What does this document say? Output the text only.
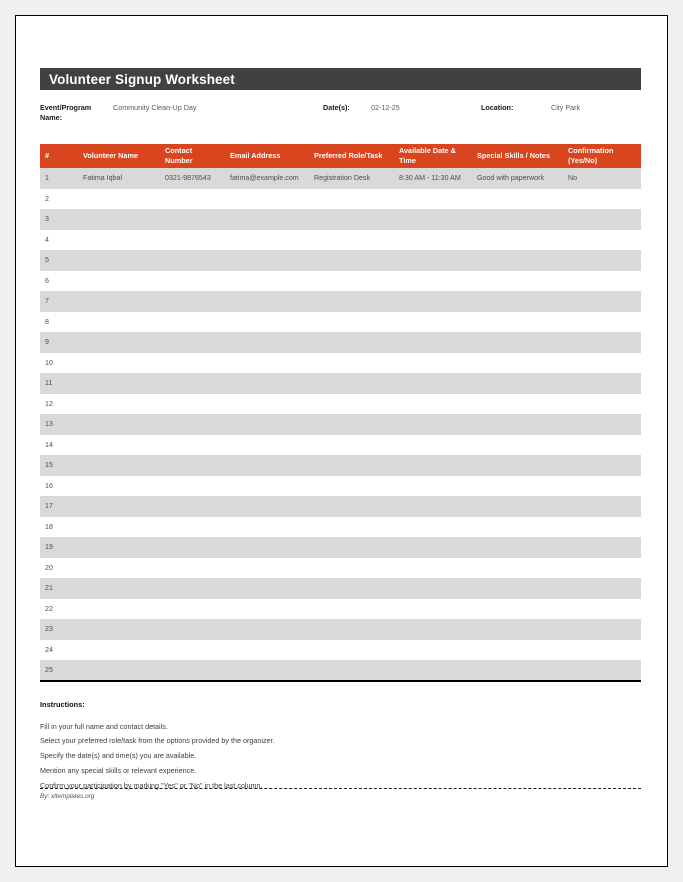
Volunteer Signup Worksheet
Event/Program Name:
Community Clean-Up Day	Date(s):	02-12-25	Location:	City Park
#	Volunteer Name	Contact Number	Email Address	Preferred Role/Task	Available Date & Time	Special Skills / Notes	Confirmation (Yes/No)
1	Fatima Iqbal	0321-9876543	fatima@example.com	Registration Desk	8:30 AM - 11:30 AM	Good with paperwork	No
2							
3							
4							
5							
6							
7							
8							
9							
10							
11							
12							
13							
14							
15							
16							
17							
18							
19							
20							
21							
22							
23							
24							
25							
Instructions:

Fill in your full name and contact details.

Select your preferred role/task from the options provided by the organizer.

Specify the date(s) and time(s) you are available.

Mention any special skills or relevant experience.

Confirm your participation by marking "Yes" or "No" in the last column.

By: xltemplates.org
